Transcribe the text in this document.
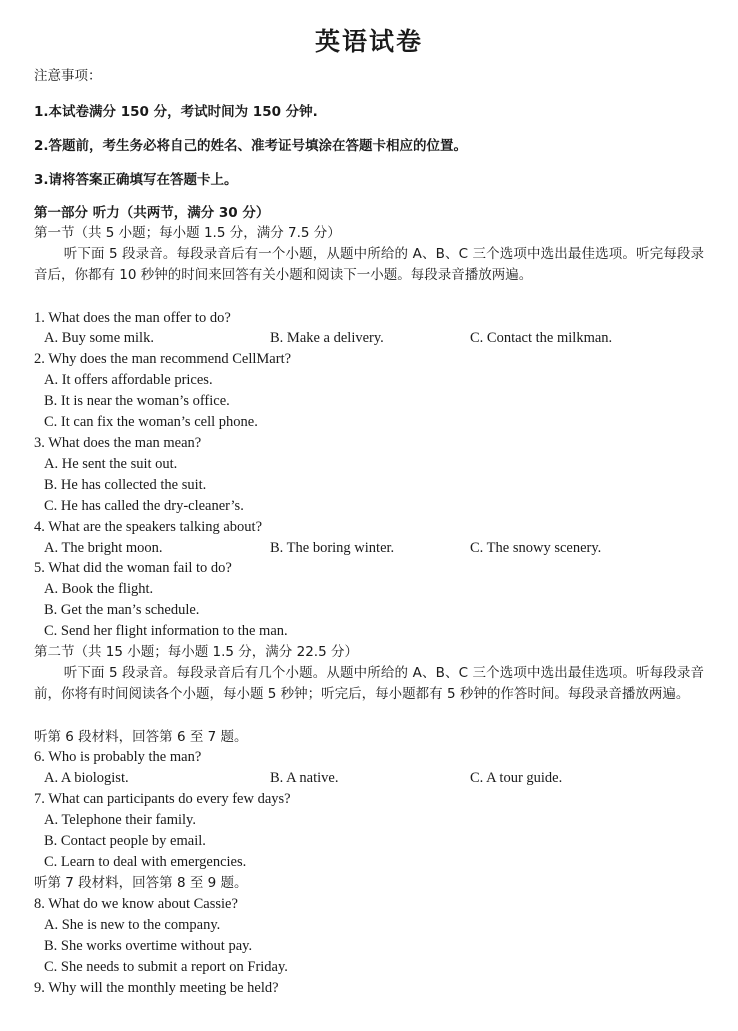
英语试卷
注意事项：
1.本试卷满分 150 分，考试时间为 150 分钟.
2.答题前，考生务必将自己的姓名、准考证号填涂在答题卡相应的位置。
3.请将答案正确填写在答题卡上。
第一部分 听力（共两节，满分 30 分）
第一节（共 5 小题；每小题 1.5 分，满分 7.5 分）
听下面 5 段录音。每段录音后有一个小题，从题中所给的 A、B、C 三个选项中选出最佳选项。听完每段录音后，你都有 10 秒钟的时间来回答有关小题和阅读下一小题。每段录音播放两遍。
1. What does the man offer to do?
A. Buy some milk.	B. Make a delivery.	C. Contact the milkman.
2. Why does the man recommend CellMart?
A. It offers affordable prices.
B. It is near the woman’s office.
C. It can fix the woman’s cell phone.
3. What does the man mean?
A. He sent the suit out.
B. He has collected the suit.
C. He has called the dry-cleaner’s.
4. What are the speakers talking about?
A. The bright moon.	B. The boring winter.	C. The snowy scenery.
5. What did the woman fail to do?
A. Book the flight.
B. Get the man’s schedule.
C. Send her flight information to the man.
第二节（共 15 小题；每小题 1.5 分，满分 22.5 分）
听下面 5 段录音。每段录音后有几个小题。从题中所给的 A、B、C 三个选项中选出最佳选项。听每段录音前，你将有时间阅读各个小题，每小题 5 秒钟；听完后，每小题都有 5 秒钟的作答时间。每段录音播放两遍。
听第 6 段材料，回答第 6 至 7 题。
6. Who is probably the man?
A. A biologist.	B. A native.	C. A tour guide.
7. What can participants do every few days?
A. Telephone their family.
B. Contact people by email.
C. Learn to deal with emergencies.
听第 7 段材料，回答第 8 至 9 题。
8. What do we know about Cassie?
A. She is new to the company.
B. She works overtime without pay.
C. She needs to submit a report on Friday.
9. Why will the monthly meeting be held?
